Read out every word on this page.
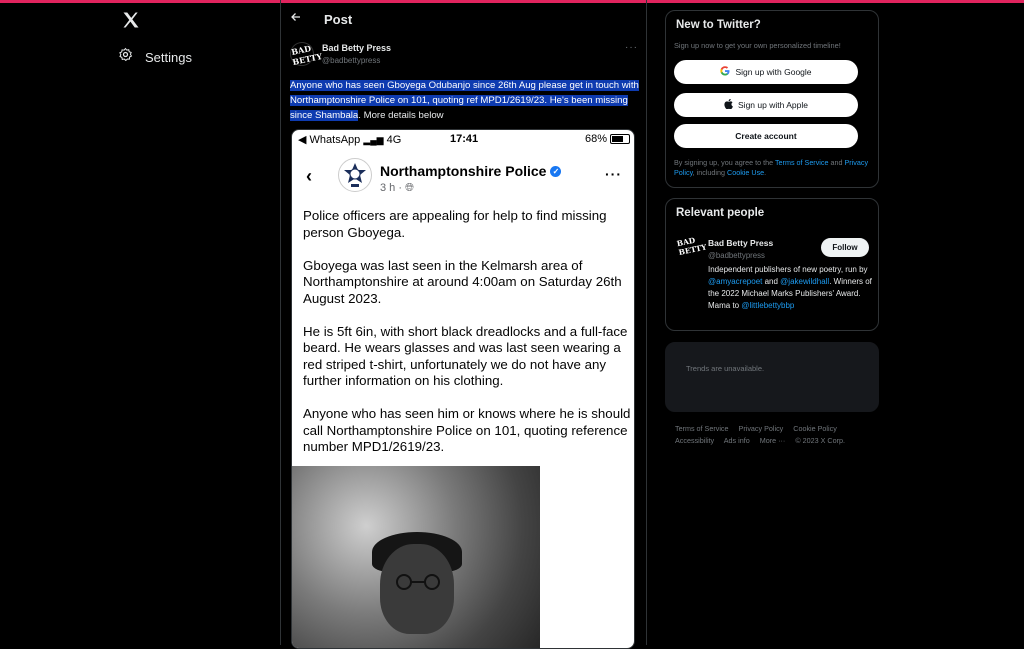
Settings
Post
BAD BETTY
Bad Betty Press
@badbettypress
···
Anyone who has seen Gboyega Odubanjo since 26th Aug please get in touch with Northamptonshire Police on 101, quoting ref MPD1/2619/23. He's been missing since Shambala. More details below
◀ WhatsApp ▂▄▆ 4G	17:41	68%
‹	Northamptonshire Police ✓
3 h · 🌐︎
···

Police officers are appealing for help to find missing person Gboyega.

Gboyega was last seen in the Kelmarsh area of Northamptonshire at around 4:00am on Saturday 26th August 2023.

He is 5ft 6in, with short black dreadlocks and a full-face beard. He wears glasses and was last seen wearing a red striped t-shirt, unfortunately we do not have any further information on his clothing.

Anyone who has seen him or knows where he is should call Northamptonshire Police on 101, quoting reference number MPD1/2619/23.

New to Twitter?
Sign up now to get your own personalized timeline!
Sign up with Google
Sign up with Apple
Create account
By signing up, you agree to the Terms of Service and Privacy Policy, including Cookie Use.
Relevant people
BAD BETTY Bad Betty Press
@badbettypress
Follow
Independent publishers of new poetry, run by @amyacrepoet and @jakewildhall. Winners of the 2022 Michael Marks Publishers' Award. Mama to @littlebettybbp
Trends are unavailable.
Terms of Service Privacy Policy Cookie Policy
Accessibility Ads info More ··· © 2023 X Corp.
